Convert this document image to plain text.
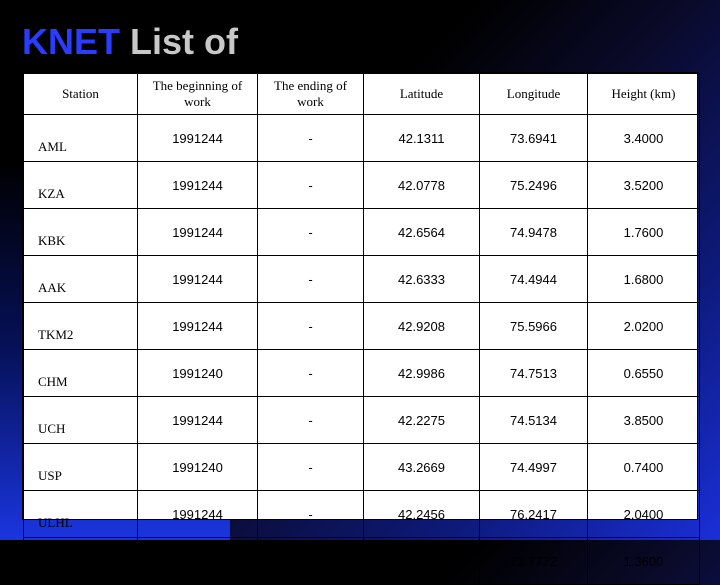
KNET List of
Station	The beginning of work	The ending of work	Latitude	Longitude	Height (km)
AML	1991244	-	42.1311	73.6941	3.4000
KZA	1991244	-	42.0778	75.2496	3.5200
KBK	1991244	-	42.6564	74.9478	1.7600
AAK	1991244	-	42.6333	74.4944	1.6800
TKM2	1991244	-	42.9208	75.5966	2.0200
CHM	1991240	-	42.9986	74.7513	0.6550
UCH	1991244	-	42.2275	74.5134	3.8500
USP	1991240	-	43.2669	74.4997	0.7400
ULHL	1991244	-	42.2456	76.2417	2.0400
EKS2	1991240	-	42.6615	73.7772	1.3600
